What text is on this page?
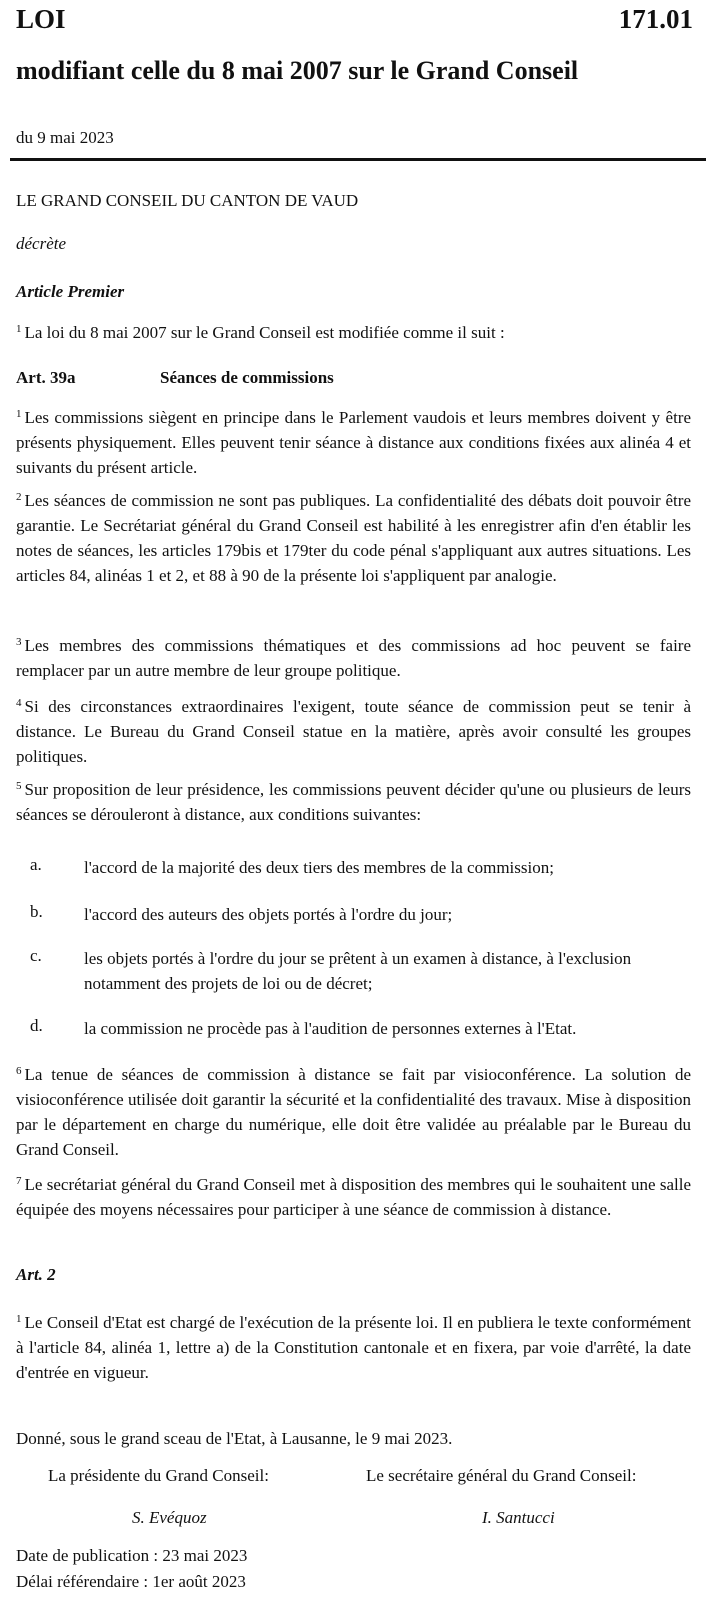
LOI	171.01
modifiant celle du 8 mai 2007 sur le Grand Conseil
du 9 mai 2023
LE GRAND CONSEIL DU CANTON DE VAUD
décrète
Article Premier
$^1$ La loi du 8 mai 2007 sur le Grand Conseil est modifiée comme il suit :
Art. 39a	Séances de commissions
$^1$ Les commissions siègent en principe dans le Parlement vaudois et leurs membres doivent y être présents physiquement. Elles peuvent tenir séance à distance aux conditions fixées aux alinéa 4 et suivants du présent article.
$^2$ Les séances de commission ne sont pas publiques. La confidentialité des débats doit pouvoir être garantie. Le Secrétariat général du Grand Conseil est habilité à les enregistrer afin d'en établir les notes de séances, les articles 179bis et 179ter du code pénal s'appliquant aux autres situations. Les articles 84, alinéas 1 et 2, et 88 à 90 de la présente loi s'appliquent par analogie.
$^3$ Les membres des commissions thématiques et des commissions ad hoc peuvent se faire remplacer par un autre membre de leur groupe politique.
$^4$ Si des circonstances extraordinaires l'exigent, toute séance de commission peut se tenir à distance. Le Bureau du Grand Conseil statue en la matière, après avoir consulté les groupes politiques.
$^5$ Sur proposition de leur présidence, les commissions peuvent décider qu'une ou plusieurs de leurs séances se dérouleront à distance, aux conditions suivantes:
a. l'accord de la majorité des deux tiers des membres de la commission;
b. l'accord des auteurs des objets portés à l'ordre du jour;
c. les objets portés à l'ordre du jour se prêtent à un examen à distance, à l'exclusion notamment des projets de loi ou de décret;
d. la commission ne procède pas à l'audition de personnes externes à l'Etat.
$^6$ La tenue de séances de commission à distance se fait par visioconférence. La solution de visioconférence utilisée doit garantir la sécurité et la confidentialité des travaux. Mise à disposition par le département en charge du numérique, elle doit être validée au préalable par le Bureau du Grand Conseil.
$^7$ Le secrétariat général du Grand Conseil met à disposition des membres qui le souhaitent une salle équipée des moyens nécessaires pour participer à une séance de commission à distance.
Art. 2
$^1$ Le Conseil d'Etat est chargé de l'exécution de la présente loi. Il en publiera le texte conformément à l'article 84, alinéa 1, lettre a) de la Constitution cantonale et en fixera, par voie d'arrêté, la date d'entrée en vigueur.
Donné, sous le grand sceau de l'Etat, à Lausanne, le 9 mai 2023.
La présidente du Grand Conseil:	Le secrétaire général du Grand Conseil:
S. Evéquoz	I. Santucci
Date de publication : 23 mai 2023
Délai référendaire : 1er août 2023
